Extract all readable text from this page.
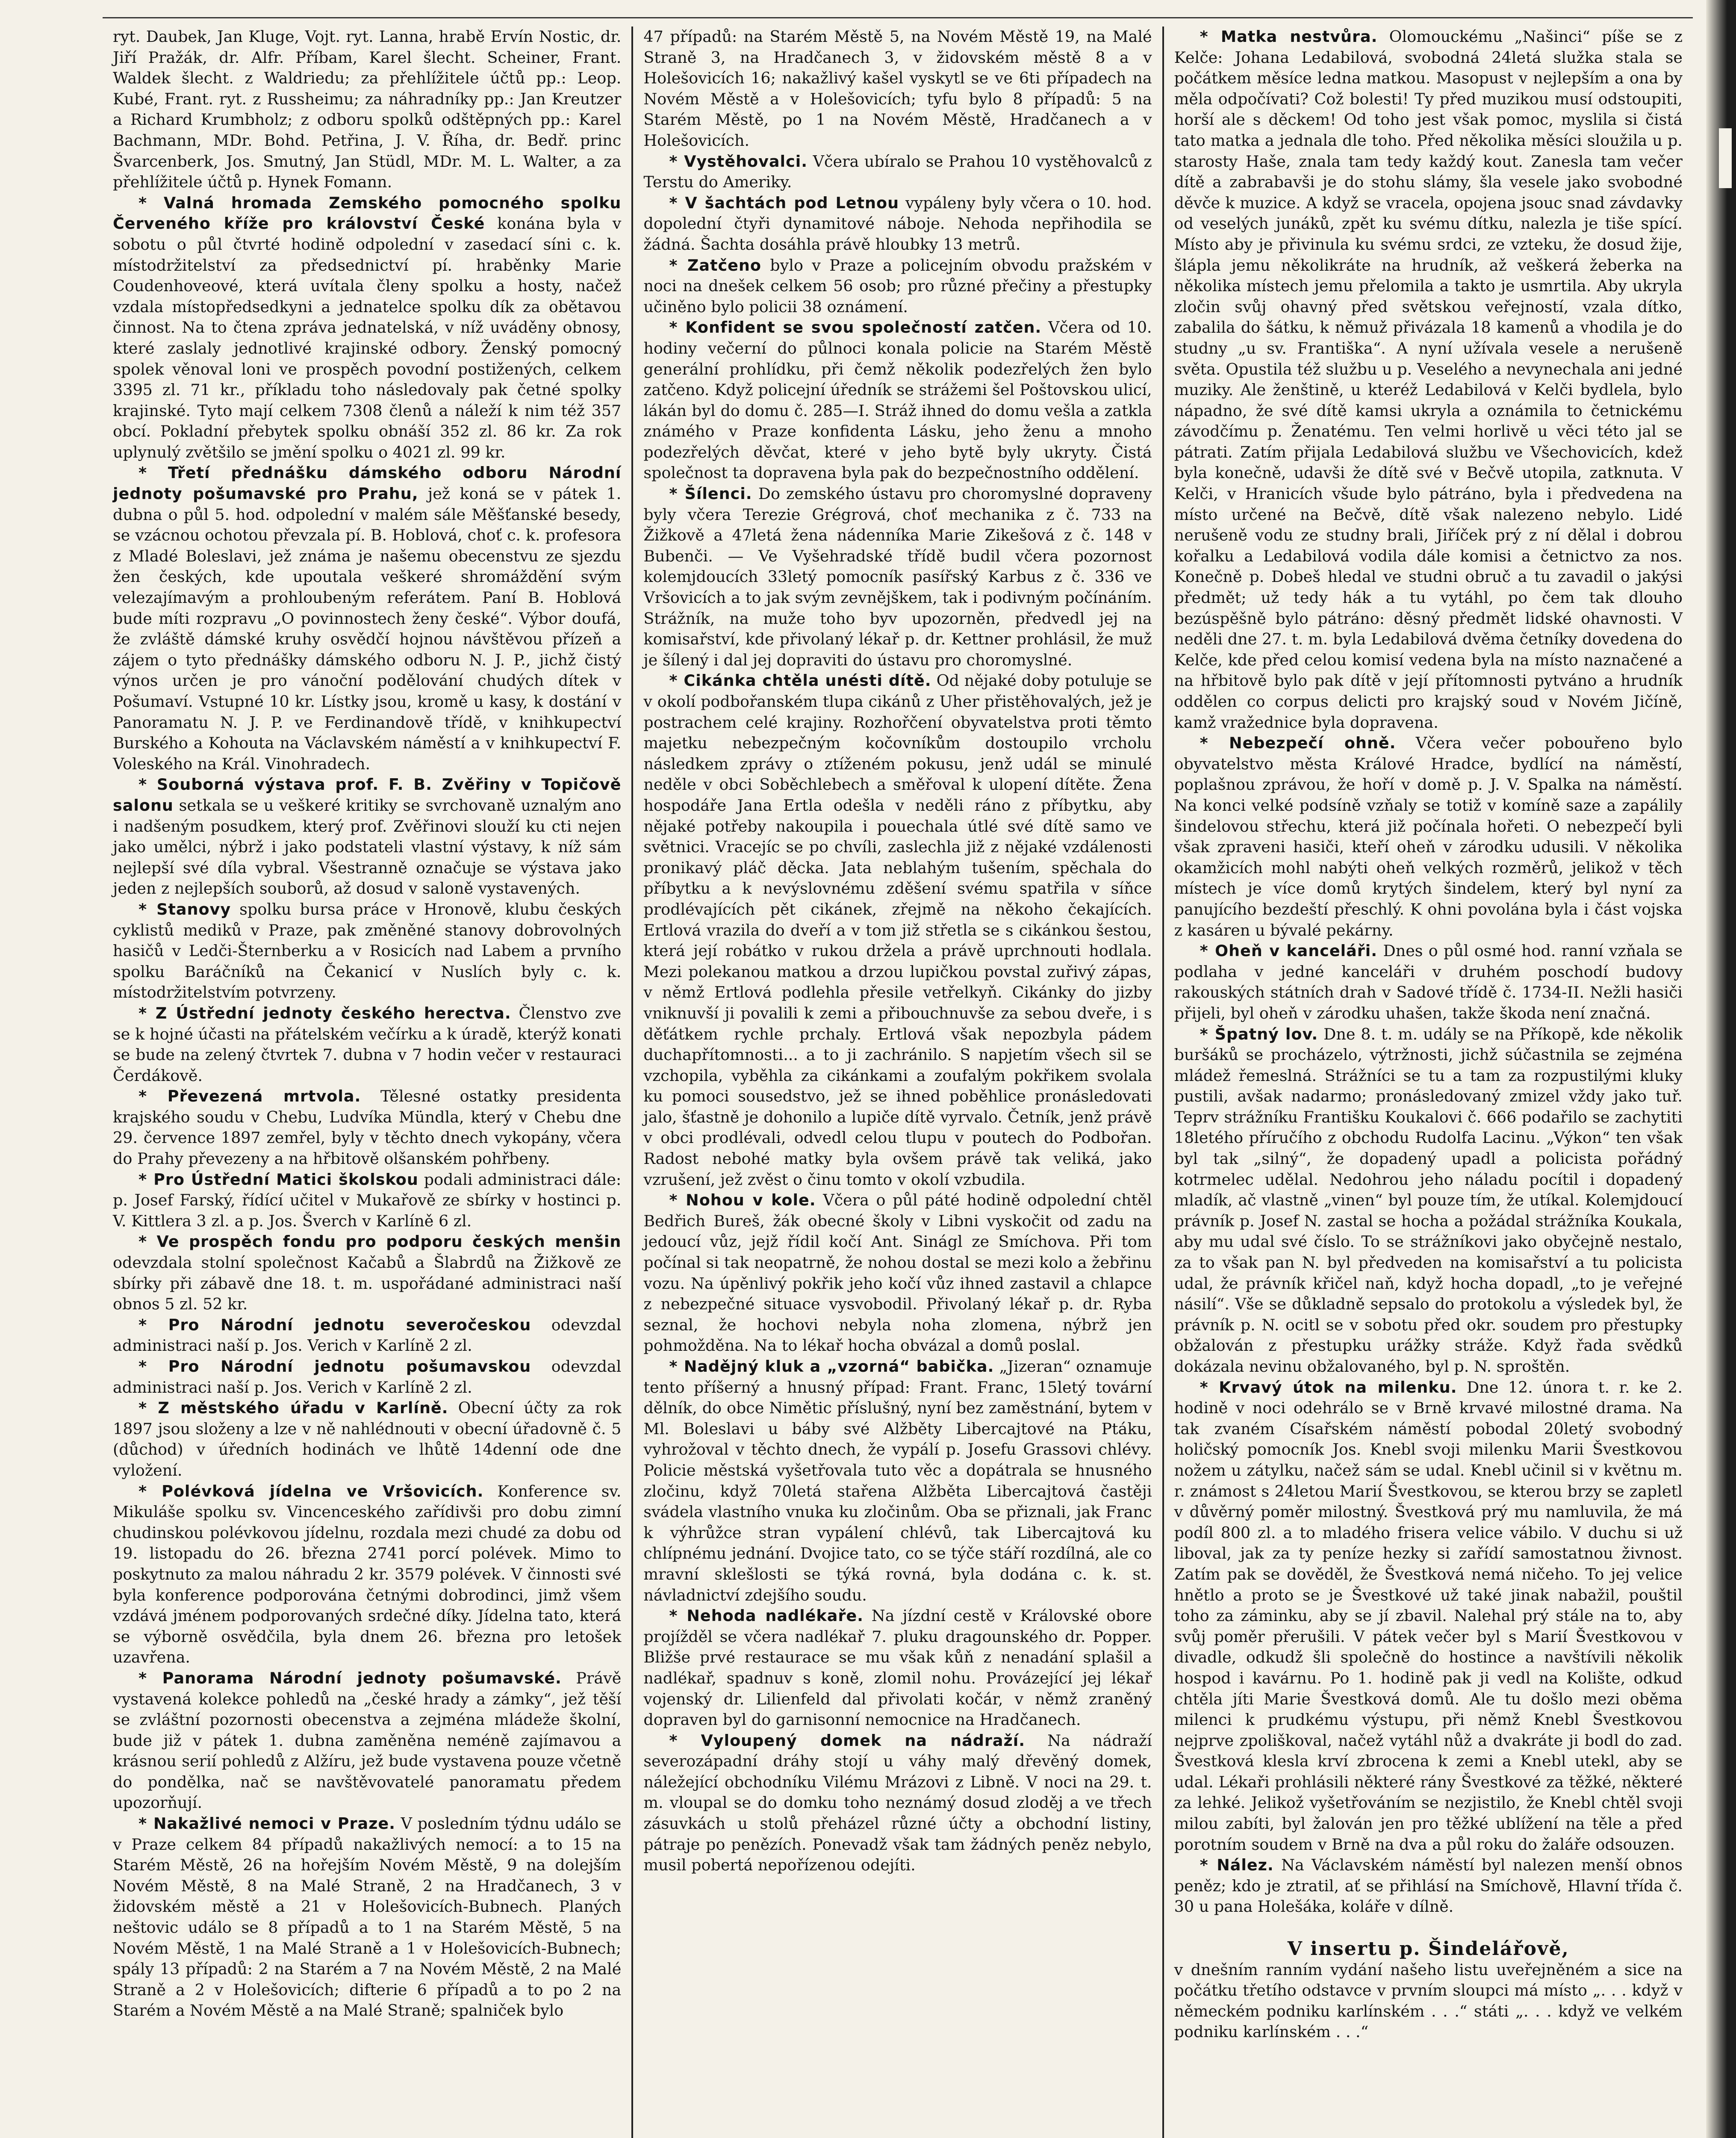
ryt. Daubek, Jan Kluge, Vojt. ryt. Lanna, hrabě Ervín Nostic, dr. Jiří Pražák, dr. Alfr. Příbam, Karel šlecht. Scheiner, Frant. Waldek šlecht. z Waldriedu; za přehlížitele účtů pp.: Leop. Kubé, Frant. ryt. z Russheimu; za náhradníky pp.: Jan Kreutzer a Richard Krumbholz; z odboru spolků odštěpných pp.: Karel Bachmann, MDr. Bohd. Petřina, J. V. Říha, dr. Bedř. princ Švarcenberk, Jos. Smutný, Jan Stüdl, MDr. M. L. Walter, a za přehlížitele účtů p. Hynek Fomann.

* Valná hromada Zemského pomocného spolku Červeného kříže pro království České konána byla v sobotu o půl čtvrté hodině odpolední v zasedací síni c. k. místodržitelství za předsednictví pí. hraběnky Marie Coudenhoveové, která uvítala členy spolku a hosty, načež vzdala místopředsedkyni a jednatelce spolku dík za obětavou činnost. Na to čtena zpráva jednatelská, v níž uváděny obnosy, které zaslaly jednotlivé krajinské odbory. Ženský pomocný spolek věnoval loni ve prospěch povodní postižených, celkem 3395 zl. 71 kr., příkladu toho následovaly pak četné spolky krajinské. Tyto mají celkem 7308 členů a náleží k nim též 357 obcí. Pokladní přebytek spolku obnáší 352 zl. 86 kr. Za rok uplynulý zvětšilo se jmění spolku o 4021 zl. 99 kr.

* Třetí přednášku dámského odboru Národní jednoty pošumavské pro Prahu, jež koná se v pátek 1. dubna o půl 5. hod. odpolední v malém sále Měšťanské besedy, se vzácnou ochotou převzala pí. B. Hoblová, choť c. k. profesora z Mladé Boleslavi, jež známa je našemu obecenstvu ze sjezdu žen českých, kde upoutala veškeré shromáždění svým velezajímavým a prohloubeným referátem. Paní B. Hoblová bude míti rozpravu „O povinnostech ženy české“. Výbor doufá, že zvláště dámské kruhy osvědčí hojnou návštěvou přízeň a zájem o tyto přednášky dámského odboru N. J. P., jichž čistý výnos určen je pro vánoční podělování chudých dítek v Pošumaví. Vstupné 10 kr. Lístky jsou, kromě u kasy, k dostání v Panoramatu N. J. P. ve Ferdinandově třídě, v knihkupectví Burského a Kohouta na Václavském náměstí a v knihkupectví F. Voleského na Král. Vinohradech.

* Souborná výstava prof. F. B. Zvěřiny v Topičově salonu setkala se u veškeré kritiky se svrchovaně uznalým ano i nadšeným posudkem, který prof. Zvěřinovi slouží ku cti nejen jako umělci, nýbrž i jako podstateli vlastní výstavy, k níž sám nejlepší své díla vybral. Všestranně označuje se výstava jako jeden z nejlepších souborů, až dosud v saloně vystavených.

* Stanovy spolku bursa práce v Hronově, klubu českých cyklistů mediků v Praze, pak změněné stanovy dobrovolných hasičů v Ledči-Šternberku a v Rosicích nad Labem a prvního spolku Baráčníků na Čekanicí v Nuslích byly c. k. místodržitelstvím potvrzeny.

* Z Ústřední jednoty českého herectva. Členstvo zve se k hojné účasti na přátelském večírku a k úradě, kterýž konati se bude na zelený čtvrtek 7. dubna v 7 hodin večer v restauraci Čerdákově.

* Převezená mrtvola. Tělesné ostatky presidenta krajského soudu v Chebu, Ludvíka Mündla, který v Chebu dne 29. července 1897 zemřel, byly v těchto dnech vykopány, včera do Prahy převezeny a na hřbitově olšanském pohřbeny.

* Pro Ústřední Matici školskou podali administraci dále: p. Josef Farský, řídící učitel v Mukařově ze sbírky v hostinci p. V. Kittlera 3 zl. a p. Jos. Šverch v Karlíně 6 zl.

* Ve prospěch fondu pro podporu českých menšin odevzdala stolní společnost Kačabů a Šlabrdů na Žižkově ze sbírky při zábavě dne 18. t. m. uspořádané administraci naší obnos 5 zl. 52 kr.

* Pro Národní jednotu severočeskou odevzdal administraci naší p. Jos. Verich v Karlíně 2 zl.

* Pro Národní jednotu pošumavskou odevzdal administraci naší p. Jos. Verich v Karlíně 2 zl.

* Z městského úřadu v Karlíně. Obecní účty za rok 1897 jsou složeny a lze v ně nahlédnouti v obecní úřadovně č. 5 (důchod) v úředních hodinách ve lhůtě 14denní ode dne vyložení.

* Polévková jídelna ve Vršovicích. Konference sv. Mikuláše spolku sv. Vincenceského zařídivši pro dobu zimní chudinskou polévkovou jídelnu, rozdala mezi chudé za dobu od 19. listopadu do 26. března 2741 porcí polévek. Mimo to poskytnuto za malou náhradu 2 kr. 3579 polévek. V činnosti své byla konference podporována četnými dobrodinci, jimž všem vzdává jménem podporovaných srdečné díky. Jídelna tato, která se výborně osvědčila, byla dnem 26. března pro letošek uzavřena.

* Panorama Národní jednoty pošumavské. Právě vystavená kolekce pohledů na „české hrady a zámky“, jež těší se zvláštní pozornosti obecenstva a zejména mládeže školní, bude již v pátek 1. dubna zaměněna neméně zajímavou a krásnou serií pohledů z Alžíru, jež bude vystavena pouze včetně do pondělka, nač se navštěvovatelé panoramatu předem upozorňují.

* Nakažlivé nemoci v Praze. V posledním týdnu událo se v Praze celkem 84 případů nakažlivých nemocí: a to 15 na Starém Městě, 26 na hořejším Novém Městě, 9 na dolejším Novém Městě, 8 na Malé Straně, 2 na Hradčanech, 3 v židovském městě a 21 v Holešovicích-Bubnech. Planých neštovic událo se 8 případů a to 1 na Starém Městě, 5 na Novém Městě, 1 na Malé Straně a 1 v Holešovicích-Bubnech; spály 13 případů: 2 na Starém a 7 na Novém Městě, 2 na Malé Straně a 2 v Holešovicích; difterie 6 případů a to po 2 na Starém a Novém Městě a na Malé Straně; spalniček bylo

47 případů: na Starém Městě 5, na Novém Městě 19, na Malé Straně 3, na Hradčanech 3, v židovském městě 8 a v Holešovicích 16; nakažlivý kašel vyskytl se ve 6ti případech na Novém Městě a v Holešovicích; tyfu bylo 8 případů: 5 na Starém Městě, po 1 na Novém Městě, Hradčanech a v Holešovicích.

* Vystěhovalci. Včera ubíralo se Prahou 10 vystěhovalců z Terstu do Ameriky.

* V šachtách pod Letnou vypáleny byly včera o 10. hod. dopolední čtyři dynamitové náboje. Nehoda nepřihodila se žádná. Šachta dosáhla právě hloubky 13 metrů.

* Zatčeno bylo v Praze a policejním obvodu pražském v noci na dnešek celkem 56 osob; pro různé přečiny a přestupky učiněno bylo policii 38 oznámení.

* Konfident se svou společností zatčen. Včera od 10. hodiny večerní do půlnoci konala policie na Starém Městě generální prohlídku, při čemž několik podezřelých žen bylo zatčeno. Když policejní úředník se strážemi šel Poštovskou ulicí, lákán byl do domu č. 285—I. Stráž ihned do domu vešla a zatkla známého v Praze konfidenta Lásku, jeho ženu a mnoho podezřelých děvčat, které v jeho bytě byly ukryty. Čistá společnost ta dopravena byla pak do bezpečnostního oddělení.

* Šílenci. Do zemského ústavu pro choromyslné dopraveny byly včera Terezie Grégrová, choť mechanika z č. 733 na Žižkově a 47letá žena nádenníka Marie Zikešová z č. 148 v Bubenči. — Ve Vyšehradské třídě budil včera pozornost kolemjdoucích 33letý pomocník pasířský Karbus z č. 336 ve Vršovicích a to jak svým zevnějškem, tak i podivným počínáním. Strážník, na muže toho byv upozorněn, předvedl jej na komisařství, kde přivolaný lékař p. dr. Kettner prohlásil, že muž je šílený i dal jej dopraviti do ústavu pro choromyslné.

* Cikánka chtěla unésti dítě. Od nějaké doby potuluje se v okolí podbořanském tlupa cikánů z Uher přistěhovalých, jež je postrachem celé krajiny. Rozhořčení obyvatelstva proti těmto majetku nebezpečným kočovníkům dostoupilo vrcholu následkem zprávy o ztíženém pokusu, jenž udál se minulé neděle v obci Soběchlebech a směřoval k ulopení dítěte. Žena hospodáře Jana Ertla odešla v neděli ráno z příbytku, aby nějaké potřeby nakoupila i pouechala útlé své dítě samo ve světnici. Vracejíc se po chvíli, zaslechla již z nějaké vzdálenosti pronikavý pláč děcka. Jata neblahým tušením, spěchala do příbytku a k nevýslovnému zděšení svému spatřila v síňce prodlévajících pět cikánek, zřejmě na někoho čekajících. Ertlová vrazila do dveří a v tom již střetla se s cikánkou šestou, která její robátko v rukou držela a právě uprchnouti hodlala. Mezi polekanou matkou a drzou lupičkou povstal zuřivý zápas, v němž Ertlová podlehla přesile vetřelkyň. Cikánky do jizby vniknuvší ji povalili k zemi a přibouchnuvše za sebou dveře, i s děťátkem rychle prchaly. Ertlová však nepozbyla pádem duchapřítomnosti... a to ji zachránilo. S napjetím všech sil se vzchopila, vyběhla za cikánkami a zoufalým pokřikem svolala ku pomoci sousedstvo, jež se ihned poběhlice pronásledovati jalo, šťastně je dohonilo a lupiče dítě vyrvalo. Četník, jenž právě v obci prodlévali, odvedl celou tlupu v poutech do Podbořan. Radost nebohé matky byla ovšem právě tak veliká, jako vzrušení, jež zvěst o činu tomto v okolí vzbudila.

* Nohou v kole. Včera o půl páté hodině odpolední chtěl Bedřich Bureš, žák obecné školy v Libni vyskočit od zadu na jedoucí vůz, jejž řídil kočí Ant. Sinágl ze Smíchova. Při tom počínal si tak neopatrně, že nohou dostal se mezi kolo a žebřinu vozu. Na úpěnlivý pokřik jeho kočí vůz ihned zastavil a chlapce z nebezpečné situace vysvobodil. Přivolaný lékař p. dr. Ryba seznal, že hochovi nebyla noha zlomena, nýbrž jen pohmožděna. Na to lékař hocha obvázal a domů poslal.

* Nadějný kluk a „vzorná“ babička. „Jizeran“ oznamuje tento příšerný a hnusný případ: Frant. Franc, 15letý tovární dělník, do obce Nimětic příslušný, nyní bez zaměstnání, bytem v Ml. Boleslavi u báby své Alžběty Libercajtové na Ptáku, vyhrožoval v těchto dnech, že vypálí p. Josefu Grassovi chlévy. Policie městská vyšetřovala tuto věc a dopátrala se hnusného zločinu, když 70letá stařena Alžběta Libercajtová častěji svádela vlastního vnuka ku zločinům. Oba se přiznali, jak Franc k výhrůžce stran vypálení chlévů, tak Libercajtová ku chlípnému jednání. Dvojice tato, co se týče stáří rozdílná, ale co mravní sklešlosti se týká rovná, byla dodána c. k. st. návladnictví zdejšího soudu.

* Nehoda nadlékaře. Na jízdní cestě v Královské obore projížděl se včera nadlékař 7. pluku dragounského dr. Popper. Bližše prvé restaurace se mu však kůň z nenadání splašil a nadlékař, spadnuv s koně, zlomil nohu. Provázející jej lékař vojenský dr. Lilienfeld dal přivolati kočár, v němž zraněný dopraven byl do garnisonní nemocnice na Hradčanech.

* Vyloupený domek na nádraží. Na nádraží severozápadní dráhy stojí u váhy malý dřevěný domek, náležející obchodníku Vilému Mrázovi z Libně. V noci na 29. t. m. vloupal se do domku toho neznámý dosud zloděj a ve třech zásuvkách u stolů přeházel různé účty a obchodní listiny, pátraje po penězích. Ponevadž však tam žádných peněz nebylo, musil pobertá nepořízenou odejíti.

* Matka nestvůra. Olomouckému „Našinci“ píše se z Kelče: Johana Ledabilová, svobodná 24letá služka stala se počátkem měsíce ledna matkou. Masopust v nejlepším a ona by měla odpočívati? Což bolesti! Ty před muzikou musí odstoupiti, horší ale s děckem! Od toho jest však pomoc, myslila si čistá tato matka a jednala dle toho. Před několika měsíci sloužila u p. starosty Haše, znala tam tedy každý kout. Zanesla tam večer dítě a zabrabavši je do stohu slámy, šla vesele jako svobodné děvče k muzice. A když se vracela, opojena jsouc snad závdavky od veselých junáků, zpět ku svému dítku, nalezla je tiše spící. Místo aby je přivinula ku svému srdci, ze vzteku, že dosud žije, šlápla jemu několikráte na hrudník, až veškerá žeberka na několika místech jemu přelomila a takto je usmrtila. Aby ukryla zločin svůj ohavný před světskou veřejností, vzala dítko, zabalila do šátku, k němuž přivázala 18 kamenů a vhodila je do studny „u sv. Františka“. A nyní užívala vesele a nerušeně světa. Opustila též službu u p. Veselého a nevynechala ani jedné muziky. Ale ženštině, u kteréž Ledabilová v Kelči bydlela, bylo nápadno, že své dítě kamsi ukryla a oznámila to četnickému závodčímu p. Ženatému. Ten velmi horlivě u věci této jal se pátrati. Zatím přijala Ledabilová službu ve Všechovicích, kdež byla konečně, udavši že dítě své v Bečvě utopila, zatknuta. V Kelči, v Hranicích všude bylo pátráno, byla i předvedena na místo určené na Bečvě, dítě však nalezeno nebylo. Lidé nerušeně vodu ze studny brali, Jiříček prý z ní dělal i dobrou kořalku a Ledabilová vodila dále komisi a četnictvo za nos. Konečně p. Dobeš hledal ve studni obruč a tu zavadil o jakýsi předmět; už tedy hák a tu vytáhl, po čem tak dlouho bezúspěšně bylo pátráno: děsný předmět lidské ohavnosti. V neděli dne 27. t. m. byla Ledabilová dvěma četníky dovedena do Kelče, kde před celou komisí vedena byla na místo naznačené a na hřbitově bylo pak dítě v její přítomnosti pytváno a hrudník oddělen co corpus delicti pro krajský soud v Novém Jičíně, kamž vražednice byla dopravena.

* Nebezpečí ohně. Včera večer pobouřeno bylo obyvatelstvo města Králové Hradce, bydlící na náměstí, poplašnou zprávou, že hoří v domě p. J. V. Spalka na náměstí. Na konci velké podsíně vzňaly se totiž v komíně saze a zapálily šindelovou střechu, která již počínala hořeti. O nebezpečí byli však zpraveni hasiči, kteří oheň v zárodku udusili. V několika okamžicích mohl nabýti oheň velkých rozměrů, jelikož v těch místech je více domů krytých šindelem, který byl nyní za panujícího bezdeští přeschlý. K ohni povolána byla i část vojska z kasáren u bývalé pekárny.

* Oheň v kanceláři. Dnes o půl osmé hod. ranní vzňala se podlaha v jedné kanceláři v druhém poschodí budovy rakouských státních drah v Sadové třídě č. 1734-II. Nežli hasiči přijeli, byl oheň v zárodku uhašen, takže škoda není značná.

* Špatný lov. Dne 8. t. m. udály se na Příkopě, kde několik buršáků se procházelo, výtržnosti, jichž súčastnila se zejména mládež řemeslná. Strážníci se tu a tam za rozpustilými kluky pustili, avšak nadarmo; pronásledovaný zmizel vždy jako tuř. Teprv strážníku Františku Koukalovi č. 666 podařilo se zachytiti 18letého příručího z obchodu Rudolfa Lacinu. „Výkon“ ten však byl tak „silný“, že dopadený upadl a policista pořádný kotrmelec udělal. Nedohrou jeho náladu pocítil i dopadený mladík, ač vlastně „vinen“ byl pouze tím, že utíkal. Kolemjdoucí právník p. Josef N. zastal se hocha a požádal strážníka Koukala, aby mu udal své číslo. To se strážníkovi jako obyčejně nestalo, za to však pan N. byl předveden na komisařství a tu policista udal, že právník křičel naň, když hocha dopadl, „to je veřejné násilí“. Vše se důkladně sepsalo do protokolu a výsledek byl, že právník p. N. ocitl se v sobotu před okr. soudem pro přestupky obžalován z přestupku urážky stráže. Když řada svědků dokázala nevinu obžalovaného, byl p. N. sproštěn.

* Krvavý útok na milenku. Dne 12. února t. r. ke 2. hodině v noci odehrálo se v Brně krvavé milostné drama. Na tak zvaném Císařském náměstí pobodal 20letý svobodný holičský pomocník Jos. Knebl svoji milenku Marii Švestkovou nožem u zátylku, načež sám se udal. Knebl učinil si v květnu m. r. známost s 24letou Marií Švestkovou, se kterou brzy se zapletl v důvěrný poměr milostný. Švestková prý mu namluvila, že má podíl 800 zl. a to mladého frisera velice vábilo. V duchu si už liboval, jak za ty peníze hezky si zařídí samostatnou živnost. Zatím pak se dověděl, že Švestková nemá ničeho. To jej velice hnětlo a proto se je Švestkové už také jinak nabažil, pouštil toho za záminku, aby se jí zbavil. Nalehal prý stále na to, aby svůj poměr přerušili. V pátek večer byl s Marií Švestkovou v divadle, odkudž šli společně do hostince a navštívili několik hospod i kavárnu. Po 1. hodině pak ji vedl na Kolište, odkud chtěla jíti Marie Švestková domů. Ale tu došlo mezi oběma milenci k prudkému výstupu, při němž Knebl Švestkovou nejprve zpoliškoval, načež vytáhl nůž a dvakráte ji bodl do zad. Švestková klesla krví zbrocena k zemi a Knebl utekl, aby se udal. Lékaři prohlásili některé rány Švestkové za těžké, některé za lehké. Jelikož vyšetřováním se nezjistilo, že Knebl chtěl svoji milou zabíti, byl žalován jen pro těžké ublížení na těle a před porotním soudem v Brně na dva a půl roku do žaláře odsouzen.

* Nález. Na Václavském náměstí byl nalezen menší obnos peněz; kdo je ztratil, ať se přihlásí na Smíchově, Hlavní třída č. 30 u pana Holešáka, koláře v dílně.

V insertu p. Šindelářově,

v dnešním ranním vydání našeho listu uveřejněném a sice na počátku třetího odstavce v prvním sloupci má místo „. . . když v německém podniku karlínském . . .“ státi „. . . když ve velkém podniku karlínském . . .“
